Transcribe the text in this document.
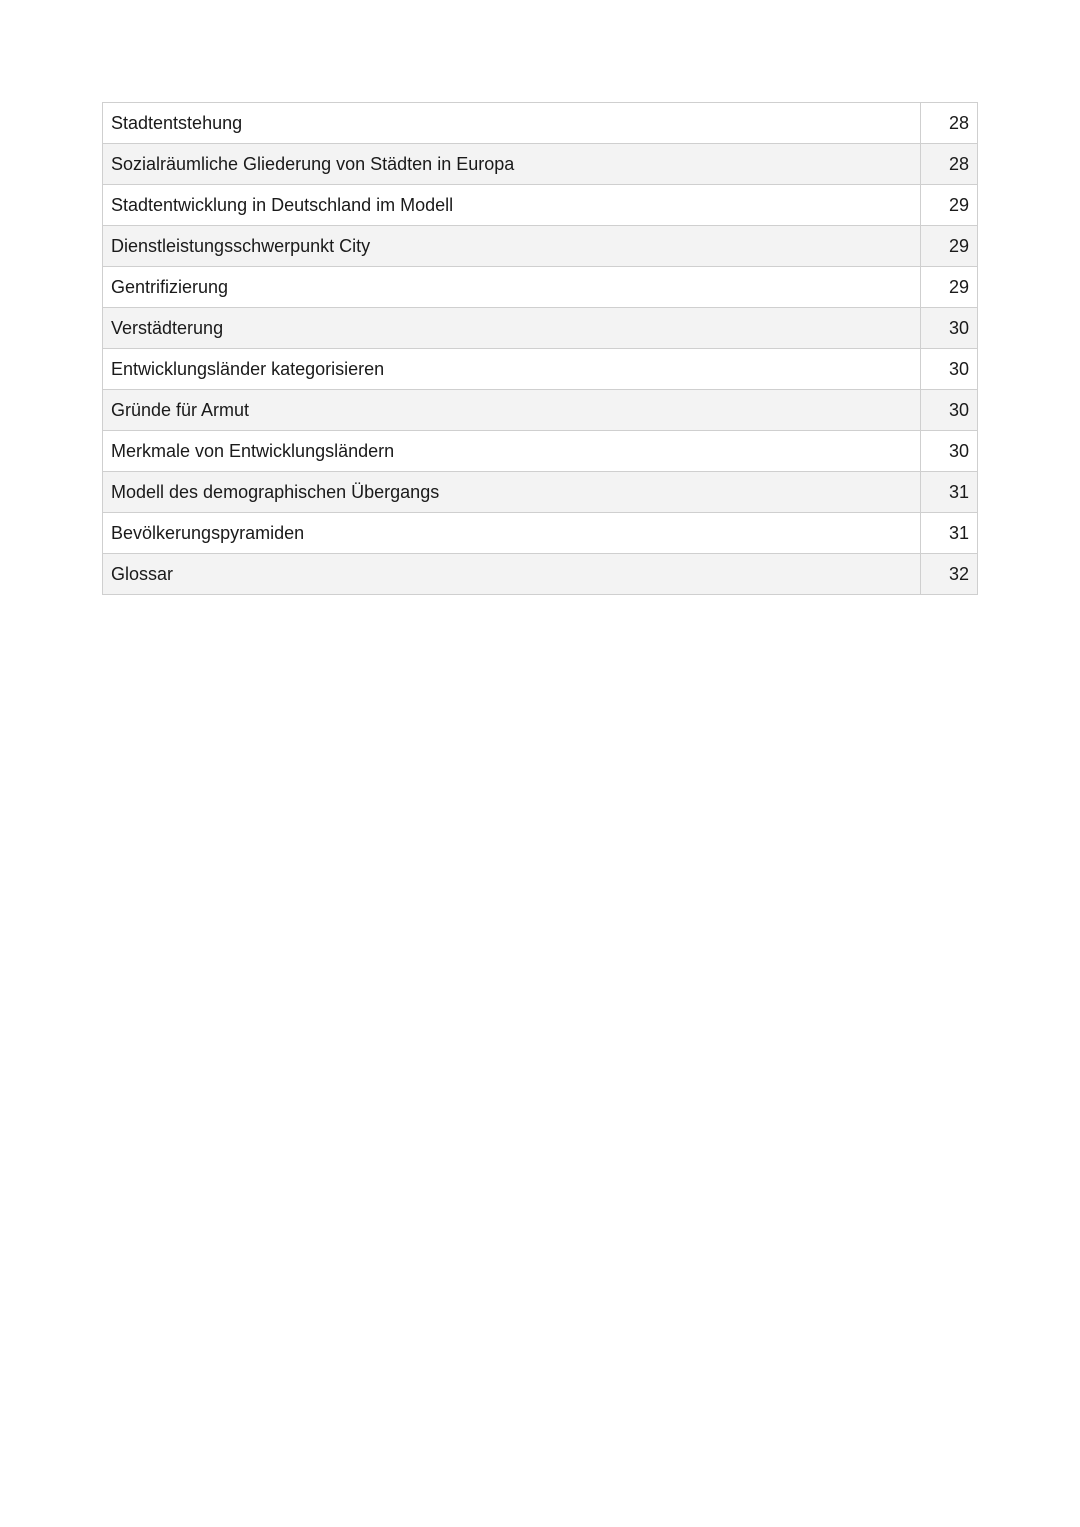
Stadtentstehung	28
Sozialräumliche Gliederung von Städten in Europa	28
Stadtentwicklung in Deutschland im Modell	29
Dienstleistungsschwerpunkt City	29
Gentrifizierung	29
Verstädterung	30
Entwicklungsländer kategorisieren	30
Gründe für Armut	30
Merkmale von Entwicklungsländern	30
Modell des demographischen Übergangs	31
Bevölkerungspyramiden	31
Glossar	32
